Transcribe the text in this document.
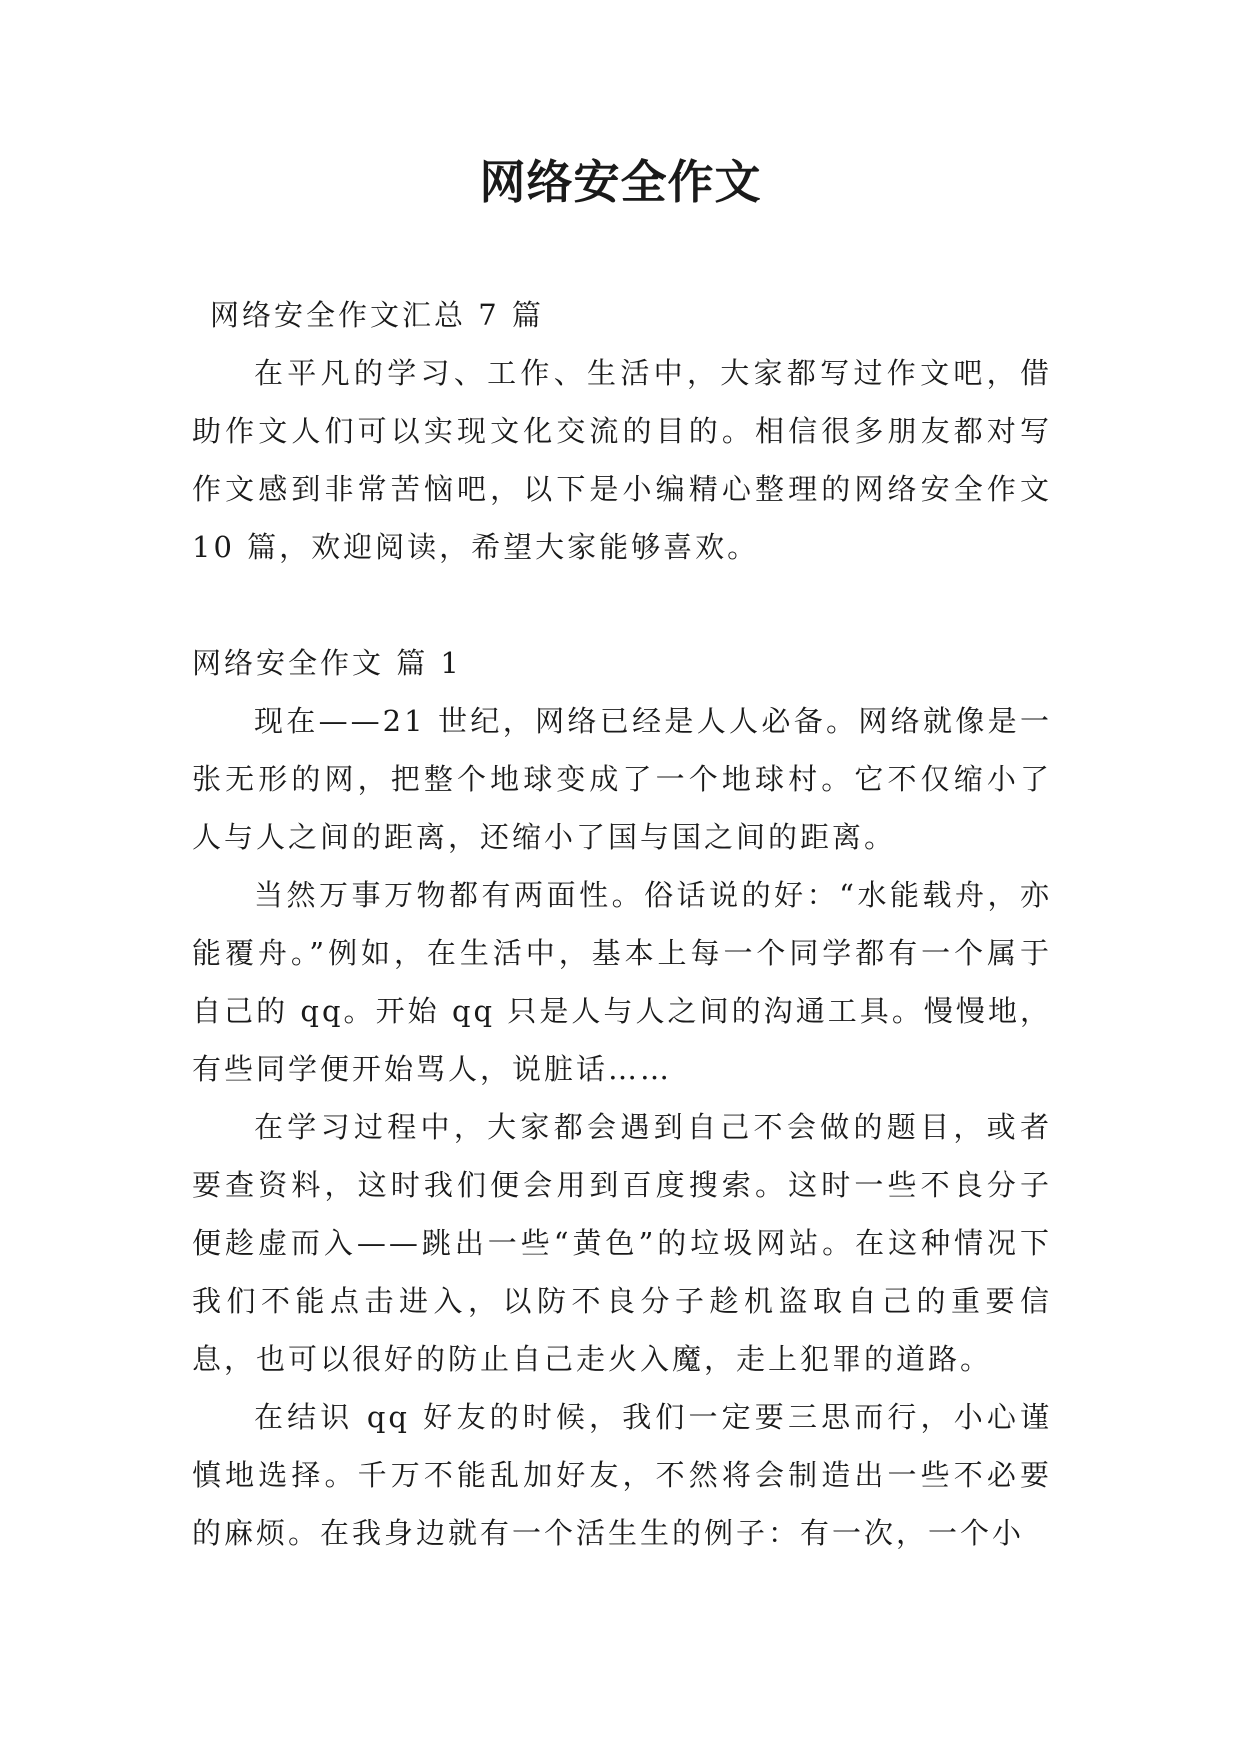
网络安全作文

网络安全作文汇总 7 篇

在平凡的学习、工作、生活中，大家都写过作文吧，借助作文人们可以实现文化交流的目的。相信很多朋友都对写作文感到非常苦恼吧，以下是小编精心整理的网络安全作文 10 篇，欢迎阅读，希望大家能够喜欢。

网络安全作文 篇 1

现在——21 世纪，网络已经是人人必备。网络就像是一张无形的网，把整个地球变成了一个地球村。它不仅缩小了人与人之间的距离，还缩小了国与国之间的距离。

当然万事万物都有两面性。俗话说的好：“水能载舟，亦能覆舟。”例如，在生活中，基本上每一个同学都有一个属于自己的 qq。开始 qq 只是人与人之间的沟通工具。慢慢地，有些同学便开始骂人，说脏话……

在学习过程中，大家都会遇到自己不会做的题目，或者要查资料，这时我们便会用到百度搜索。这时一些不良分子便趁虚而入——跳出一些“黄色”的垃圾网站。在这种情况下我们不能点击进入，以防不良分子趁机盗取自己的重要信息，也可以很好的防止自己走火入魔，走上犯罪的道路。

在结识 qq 好友的时候，我们一定要三思而行，小心谨慎地选择。千万不能乱加好友，不然将会制造出一些不必要的麻烦。在我身边就有一个活生生的例子：有一次，一个小
